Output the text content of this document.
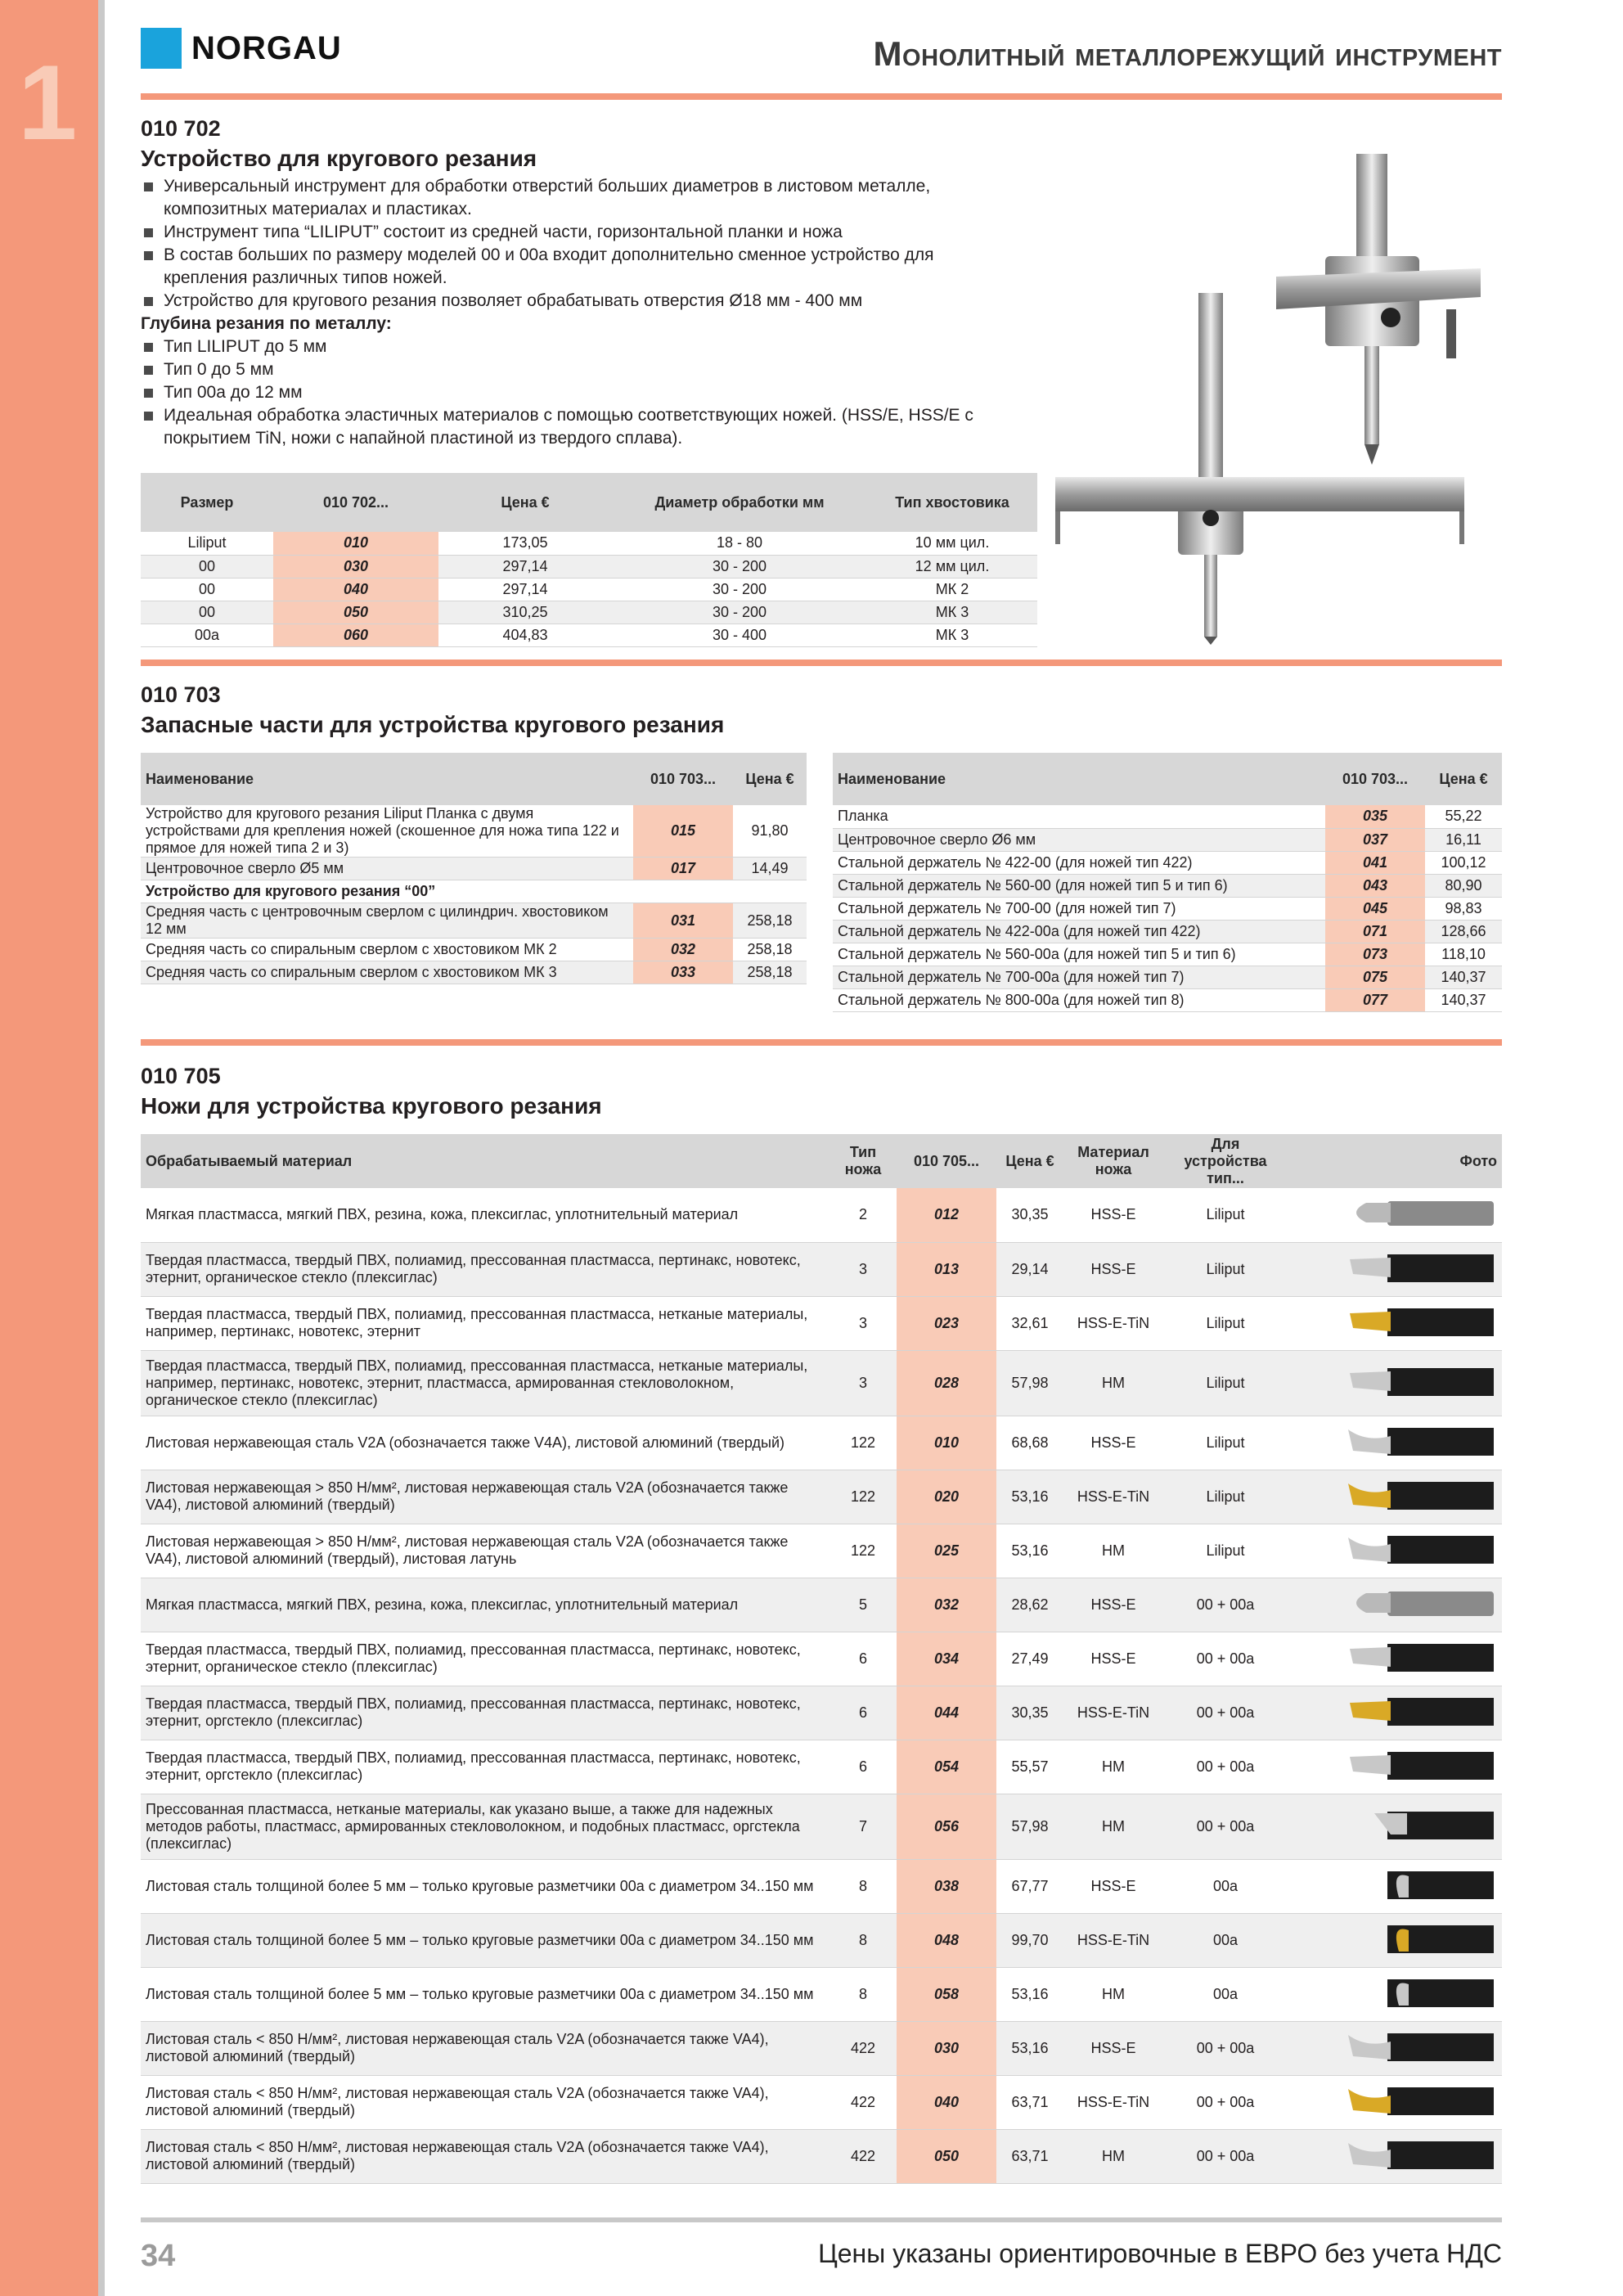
1	NORGAU	Монолитный металлорежущий инструмент
010 702
Устройство для кругового резания
Универсальный инструмент для обработки отверстий больших диаметров в листовом металле, композитных материалах и пластиках.
Инструмент типа “LILIPUT” состоит из средней части, горизонтальной планки и ножа
В состав больших по размеру моделей 00 и 00a входит дополнительно сменное устройство для крепления различных типов ножей.
Устройство для кругового резания позволяет обрабатывать отверстия Ø18 мм - 400 мм
Глубина резания по металлу:
Тип LILIPUT до 5 мм
Тип 0 до 5 мм
Тип 00a до 12 мм
Идеальная обработка эластичных материалов с помощью соответствующих ножей. (HSS/E, HSS/E с покрытием TiN, ножи с напайной пластиной из твердого сплава).
Размер	010 702...	Цена €	Диаметр обработки мм	Тип хвостовика
Liliput	010	173,05	18 - 80	10 мм цил.
00	030	297,14	30 - 200	12 мм цил.
00	040	297,14	30 - 200	МК 2
00	050	310,25	30 - 200	МК 3
00a	060	404,83	30 - 400	МК 3
010 703
Запасные части для устройства кругового резания
Наименование	010 703...	Цена €
Устройство для кругового резания Liliput Планка с двумя устройствами для крепления ножей (скошенное для ножа типа 122 и прямое для ножей типа 2 и 3)	015	91,80
Центровочное сверло Ø5 мм	017	14,49
Устройство для кругового резания “00”		
Средняя часть с центровочным сверлом с цилиндрич. хвостовиком 12 мм	031	258,18
Средняя часть со спиральным сверлом с хвостовиком МК 2	032	258,18
Средняя часть со спиральным сверлом с хвостовиком МК 3	033	258,18
Наименование	010 703...	Цена €
Планка	035	55,22
Центровочное сверло Ø6 мм	037	16,11
Стальной держатель № 422-00 (для ножей тип 422)	041	100,12
Стальной держатель № 560-00 (для ножей тип 5 и тип 6)	043	80,90
Стальной держатель № 700-00 (для ножей тип 7)	045	98,83
Стальной держатель № 422-00a (для ножей тип 422)	071	128,66
Стальной держатель № 560-00a (для ножей тип 5 и тип 6)	073	118,10
Стальной держатель № 700-00a (для ножей тип 7)	075	140,37
Стальной держатель № 800-00a (для ножей тип 8)	077	140,37
010 705
Ножи для устройства кругового резания
Обрабатываемый материал	Тип ножа	010 705...	Цена €	Материал ножа	Для устройства тип...	Фото
Мягкая пластмасса, мягкий ПВХ, резина, кожа, плексиглас, уплотнительный материал	2	012	30,35	HSS-E	Liliput	
Твердая пластмасса, твердый ПВХ, полиамид, прессованная пластмасса, пертинакс, новотекс, этернит, органическое стекло (плексиглас)	3	013	29,14	HSS-E	Liliput	
Твердая пластмасса, твердый ПВХ, полиамид, прессованная пластмасса, нетканые материалы, например, пертинакс, новотекс, этернит	3	023	32,61	HSS-E-TiN	Liliput	
Твердая пластмасса, твердый ПВХ, полиамид, прессованная пластмасса, нетканые материалы, например, пертинакс, новотекс, этернит, пластмасса, армированная стекловолокном, органическое стекло (плексиглас)	3	028	57,98	HM	Liliput	
Листовая нержавеющая сталь V2A (обозначается также V4A), листовой алюминий (твердый)	122	010	68,68	HSS-E	Liliput	
Листовая нержавеющая > 850 Н/мм², листовая нержавеющая сталь V2A (обозначается также VA4), листовой алюминий (твердый)	122	020	53,16	HSS-E-TiN	Liliput	
Листовая нержавеющая > 850 Н/мм², листовая нержавеющая сталь V2A (обозначается также VA4), листовой алюминий (твердый), листовая латунь	122	025	53,16	HM	Liliput	
Мягкая пластмасса, мягкий ПВХ, резина, кожа, плексиглас, уплотнительный материал	5	032	28,62	HSS-E	00 + 00a	
Твердая пластмасса, твердый ПВХ, полиамид, прессованная пластмасса, пертинакс, новотекс, этернит, органическое стекло (плексиглас)	6	034	27,49	HSS-E	00 + 00a	
Твердая пластмасса, твердый ПВХ, полиамид, прессованная пластмасса, пертинакс, новотекс, этернит, оргстекло (плексиглас)	6	044	30,35	HSS-E-TiN	00 + 00a	
Твердая пластмасса, твердый ПВХ, полиамид, прессованная пластмасса, пертинакс, новотекс, этернит, оргстекло (плексиглас)	6	054	55,57	HM	00 + 00a	
Прессованная пластмасса, нетканые материалы, как указано выше, а также для надежных методов работы, пластмасс, армированных стекловолокном, и подобных пластмасс, оргстекла (плексиглас)	7	056	57,98	HM	00 + 00a	
Листовая сталь толщиной более 5 мм – только круговые разметчики 00a с диаметром 34..150 мм	8	038	67,77	HSS-E	00a	
Листовая сталь толщиной более 5 мм – только круговые разметчики 00a с диаметром 34..150 мм	8	048	99,70	HSS-E-TiN	00a	
Листовая сталь толщиной более 5 мм – только круговые разметчики 00a с диаметром 34..150 мм	8	058	53,16	HM	00a	
Листовая сталь < 850 Н/мм², листовая нержавеющая сталь V2A (обозначается также VA4), листовой алюминий (твердый)	422	030	53,16	HSS-E	00 + 00a	
Листовая сталь < 850 Н/мм², листовая нержавеющая сталь V2A (обозначается также VA4), листовой алюминий (твердый)	422	040	63,71	HSS-E-TiN	00 + 00a	
Листовая сталь < 850 Н/мм², листовая нержавеющая сталь V2A (обозначается также VA4), листовой алюминий (твердый)	422	050	63,71	HM	00 + 00a	
34	Цены указаны ориентировочные в ЕВРО без учета НДС
